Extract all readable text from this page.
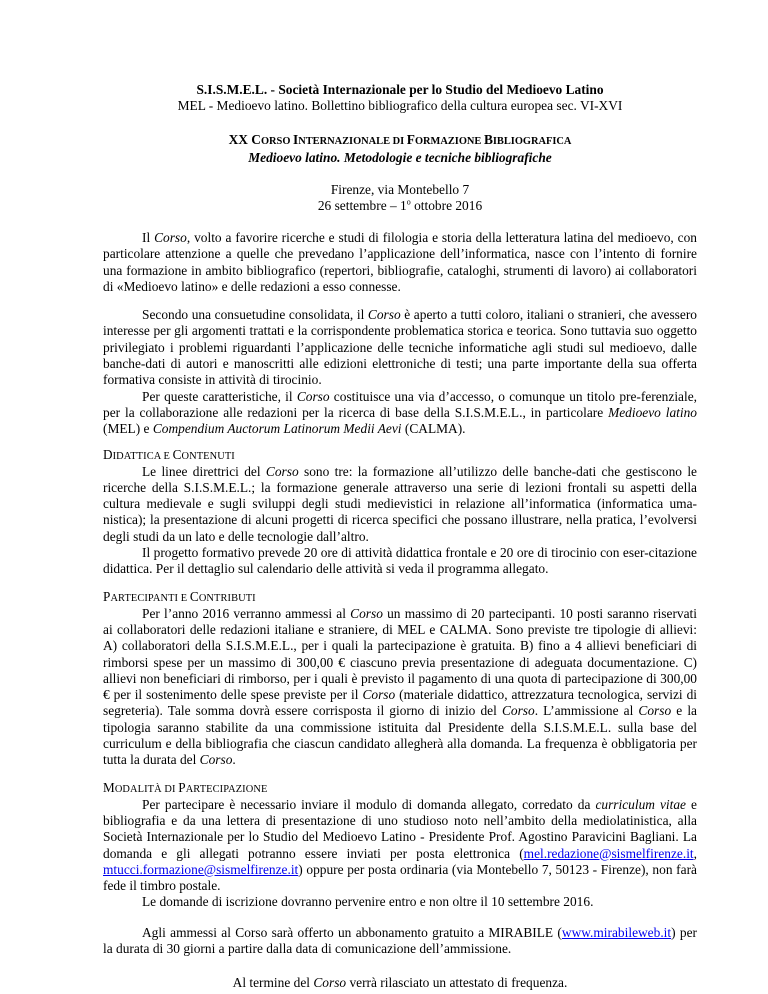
S.I.S.M.E.L. - Società Internazionale per lo Studio del Medioevo Latino
MEL - Medioevo latino. Bollettino bibliografico della cultura europea sec. VI-XVI
XX CORSO INTERNAZIONALE DI FORMAZIONE BIBLIOGRAFICA
Medioevo latino. Metodologie e tecniche bibliografiche
Firenze, via Montebello 7
26 settembre – 1$^o$ ottobre 2016

Il Corso, volto a favorire ricerche e studi di filologia e storia della letteratura latina del medioevo, con particolare attenzione a quelle che prevedano l’applicazione dell’informatica, nasce con l’intento di fornire una formazione in ambito bibliografico (repertori, bibliografie, cataloghi, strumenti di lavoro) ai collaboratori di «Medioevo latino» e delle redazioni a esso connesse.

Secondo una consuetudine consolidata, il Corso è aperto a tutti coloro, italiani o stranieri, che avessero interesse per gli argomenti trattati e la corrispondente problematica storica e teorica. Sono tuttavia suo oggetto privilegiato i problemi riguardanti l’applicazione delle tecniche informatiche agli studi sul medioevo, dalle banche-dati di autori e manoscritti alle edizioni elettroniche di testi; una parte importante della sua offerta formativa consiste in attività di tirocinio.

Per queste caratteristiche, il Corso costituisce una via d’accesso, o comunque un titolo pre-ferenziale, per la collaborazione alle redazioni per la ricerca di base della S.I.S.M.E.L., in particolare Medioevo latino (MEL) e Compendium Auctorum Latinorum Medii Aevi (CALMA).

DIDATTICA E CONTENUTI

Le linee direttrici del Corso sono tre: la formazione all’utilizzo delle banche-dati che gestiscono le ricerche della S.I.S.M.E.L.; la formazione generale attraverso una serie di lezioni frontali su aspetti della cultura medievale e sugli sviluppi degli studi medievistici in relazione all’informatica (informatica uma-nistica); la presentazione di alcuni progetti di ricerca specifici che possano illustrare, nella pratica, l’evolversi degli studi da un lato e delle tecnologie dall’altro.

Il progetto formativo prevede 20 ore di attività didattica frontale e 20 ore di tirocinio con eser-citazione didattica. Per il dettaglio sul calendario delle attività si veda il programma allegato.

PARTECIPANTI E CONTRIBUTI

Per l’anno 2016 verranno ammessi al Corso un massimo di 20 partecipanti. 10 posti saranno riservati ai collaboratori delle redazioni italiane e straniere, di MEL e CALMA. Sono previste tre tipologie di allievi: A) collaboratori della S.I.S.M.E.L., per i quali la partecipazione è gratuita. B) fino a 4 allievi beneficiari di rimborsi spese per un massimo di 300,00 € ciascuno previa presentazione di adeguata documentazione. C) allievi non beneficiari di rimborso, per i quali è previsto il pagamento di una quota di partecipazione di 300,00 € per il sostenimento delle spese previste per il Corso (materiale didattico, attrezzatura tecnologica, servizi di segreteria). Tale somma dovrà essere corrisposta il giorno di inizio del Corso. L’ammissione al Corso e la tipologia saranno stabilite da una commissione istituita dal Presidente della S.I.S.M.E.L. sulla base del curriculum e della bibliografia che ciascun candidato allegherà alla domanda. La frequenza è obbligatoria per tutta la durata del Corso.

MODALITÀ DI PARTECIPAZIONE

Per partecipare è necessario inviare il modulo di domanda allegato, corredato da curriculum vitae e bibliografia e da una lettera di presentazione di uno studioso noto nell’ambito della mediolatinistica, alla Società Internazionale per lo Studio del Medioevo Latino - Presidente Prof. Agostino Paravicini Bagliani. La domanda e gli allegati potranno essere inviati per posta elettronica (mel.redazione@sismelfirenze.it, mtucci.formazione@sismelfirenze.it) oppure per posta ordinaria (via Montebello 7, 50123 - Firenze), non farà fede il timbro postale.

Le domande di iscrizione dovranno pervenire entro e non oltre il 10 settembre 2016.

Agli ammessi al Corso sarà offerto un abbonamento gratuito a MIRABILE (www.mirabileweb.it) per la durata di 30 giorni a partire dalla data di comunicazione dell’ammissione.

Al termine del Corso verrà rilasciato un attestato di frequenza.
